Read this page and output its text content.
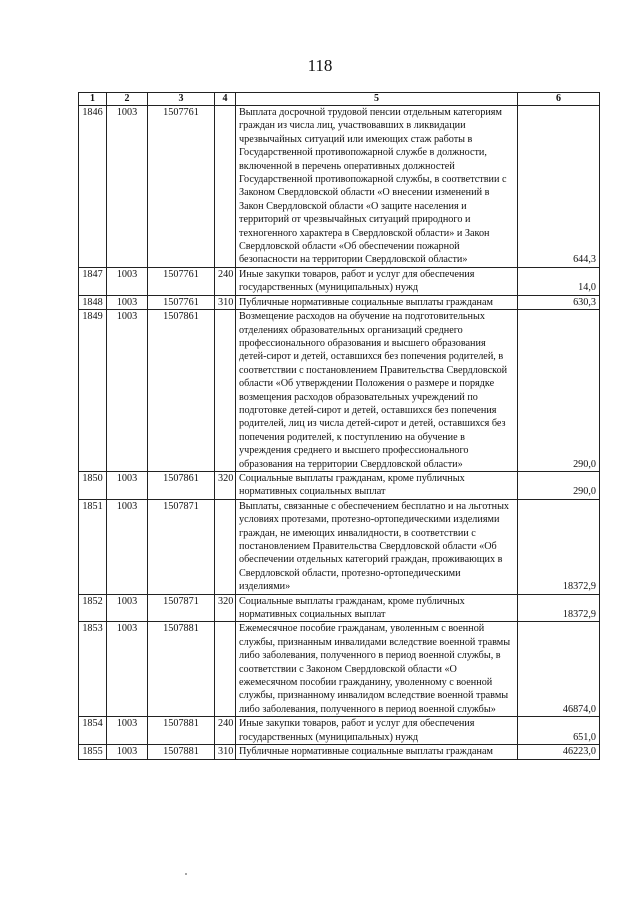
118
1	2	3	4	5	6
1846	1003	1507761		Выплата досрочной трудовой пенсии отдельным категориям граждан из числа лиц, участвовавших в ликвидации чрезвычайных ситуаций или имеющих стаж работы в Государственной противопожарной службе в должности, включенной в перечень оперативных должностей Государственной противопожарной службы, в соответствии с Законом Свердловской области «О внесении изменений в Закон Свердловской области «О защите населения и территорий от чрезвычайных ситуаций природного и техногенного характера в Свердловской области» и Закон Свердловской области «Об обеспечении пожарной безопасности на территории Свердловской области»	644,3
1847	1003	1507761	240	Иные закупки товаров, работ и услуг для обеспечения государственных (муниципальных) нужд	14,0
1848	1003	1507761	310	Публичные нормативные социальные выплаты гражданам	630,3
1849	1003	1507861		Возмещение расходов на обучение на подготовительных отделениях образовательных организаций среднего профессионального образования и высшего образования детей-сирот и детей, оставшихся без попечения родителей, в соответствии с постановлением Правительства Свердловской области «Об утверждении Положения о размере и порядке возмещения расходов образовательных учреждений по подготовке детей-сирот и детей, оставшихся без попечения родителей, лиц из числа детей-сирот и детей, оставшихся без попечения родителей, к поступлению на обучение в учреждения среднего и высшего профессионального образования на территории Свердловской области»	290,0
1850	1003	1507861	320	Социальные выплаты гражданам, кроме публичных нормативных социальных выплат	290,0
1851	1003	1507871		Выплаты, связанные с обеспечением бесплатно и на льготных условиях протезами, протезно-ортопедическими изделиями граждан, не имеющих инвалидности, в соответствии с постановлением Правительства Свердловской области «Об обеспечении отдельных категорий граждан, проживающих в Свердловской области, протезно-ортопедическими изделиями»	18372,9
1852	1003	1507871	320	Социальные выплаты гражданам, кроме публичных нормативных социальных выплат	18372,9
1853	1003	1507881		Ежемесячное пособие гражданам, уволенным с военной службы, признанным инвалидами вследствие военной травмы либо заболевания, полученного в период военной службы, в соответствии с Законом Свердловской области «О ежемесячном пособии гражданину, уволенному с военной службы, признанному инвалидом вследствие военной травмы либо заболевания, полученного в период военной службы»	46874,0
1854	1003	1507881	240	Иные закупки товаров, работ и услуг для обеспечения государственных (муниципальных) нужд	651,0
1855	1003	1507881	310	Публичные нормативные социальные выплаты гражданам	46223,0
